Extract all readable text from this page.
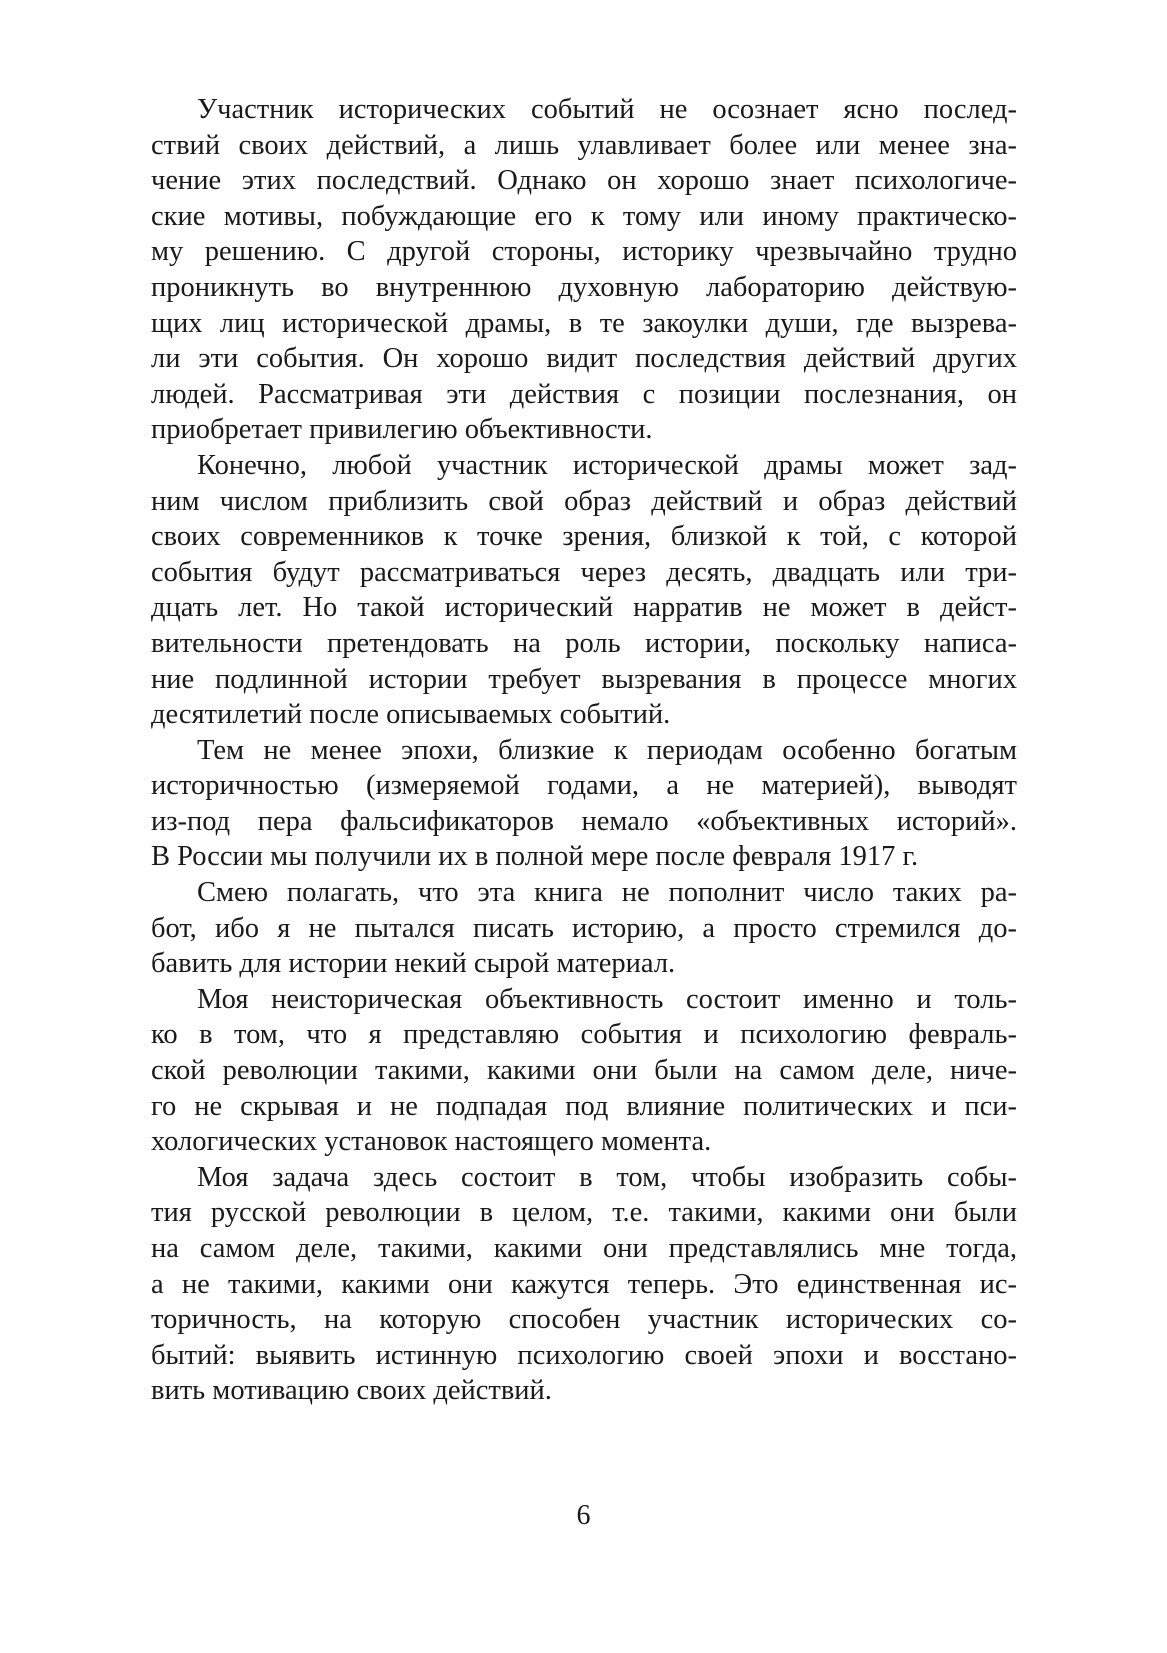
Участник исторических событий не осознает ясно послед-
ствий своих действий, а лишь улавливает более или менее зна-
чение этих последствий. Однако он хорошо знает психологиче-
ские мотивы, побуждающие его к тому или иному практическо-
му решению. С другой стороны, историку чрезвычайно трудно
проникнуть во внутреннюю духовную лабораторию действую-
щих лиц исторической драмы, в те закоулки души, где вызрева-
ли эти события. Он хорошо видит последствия действий других
людей. Рассматривая эти действия с позиции послезнания, он
приобретает привилегию объективности.
Конечно, любой участник исторической драмы может зад-
ним числом приблизить свой образ действий и образ действий
своих современников к точке зрения, близкой к той, с которой
события будут рассматриваться через десять, двадцать или три-
дцать лет. Но такой исторический нарратив не может в дейст-
вительности претендовать на роль истории, поскольку написа-
ние подлинной истории требует вызревания в процессе многих
десятилетий после описываемых событий.
Тем не менее эпохи, близкие к периодам особенно богатым
историчностью (измеряемой годами, а не материей), выводят
из-под пера фальсификаторов немало «объективных историй».
В России мы получили их в полной мере после февраля 1917 г.
Смею полагать, что эта книга не пополнит число таких ра-
бот, ибо я не пытался писать историю, а просто стремился до-
бавить для истории некий сырой материал.
Моя неисторическая объективность состоит именно и толь-
ко в том, что я представляю события и психологию февраль-
ской революции такими, какими они были на самом деле, ниче-
го не скрывая и не подпадая под влияние политических и пси-
хологических установок настоящего момента.
Моя задача здесь состоит в том, чтобы изобразить собы-
тия русской революции в целом, т.е. такими, какими они были
на самом деле, такими, какими они представлялись мне тогда,
а не такими, какими они кажутся теперь. Это единственная ис-
торичность, на которую способен участник исторических со-
бытий: выявить истинную психологию своей эпохи и восстано-
вить мотивацию своих действий.
6
